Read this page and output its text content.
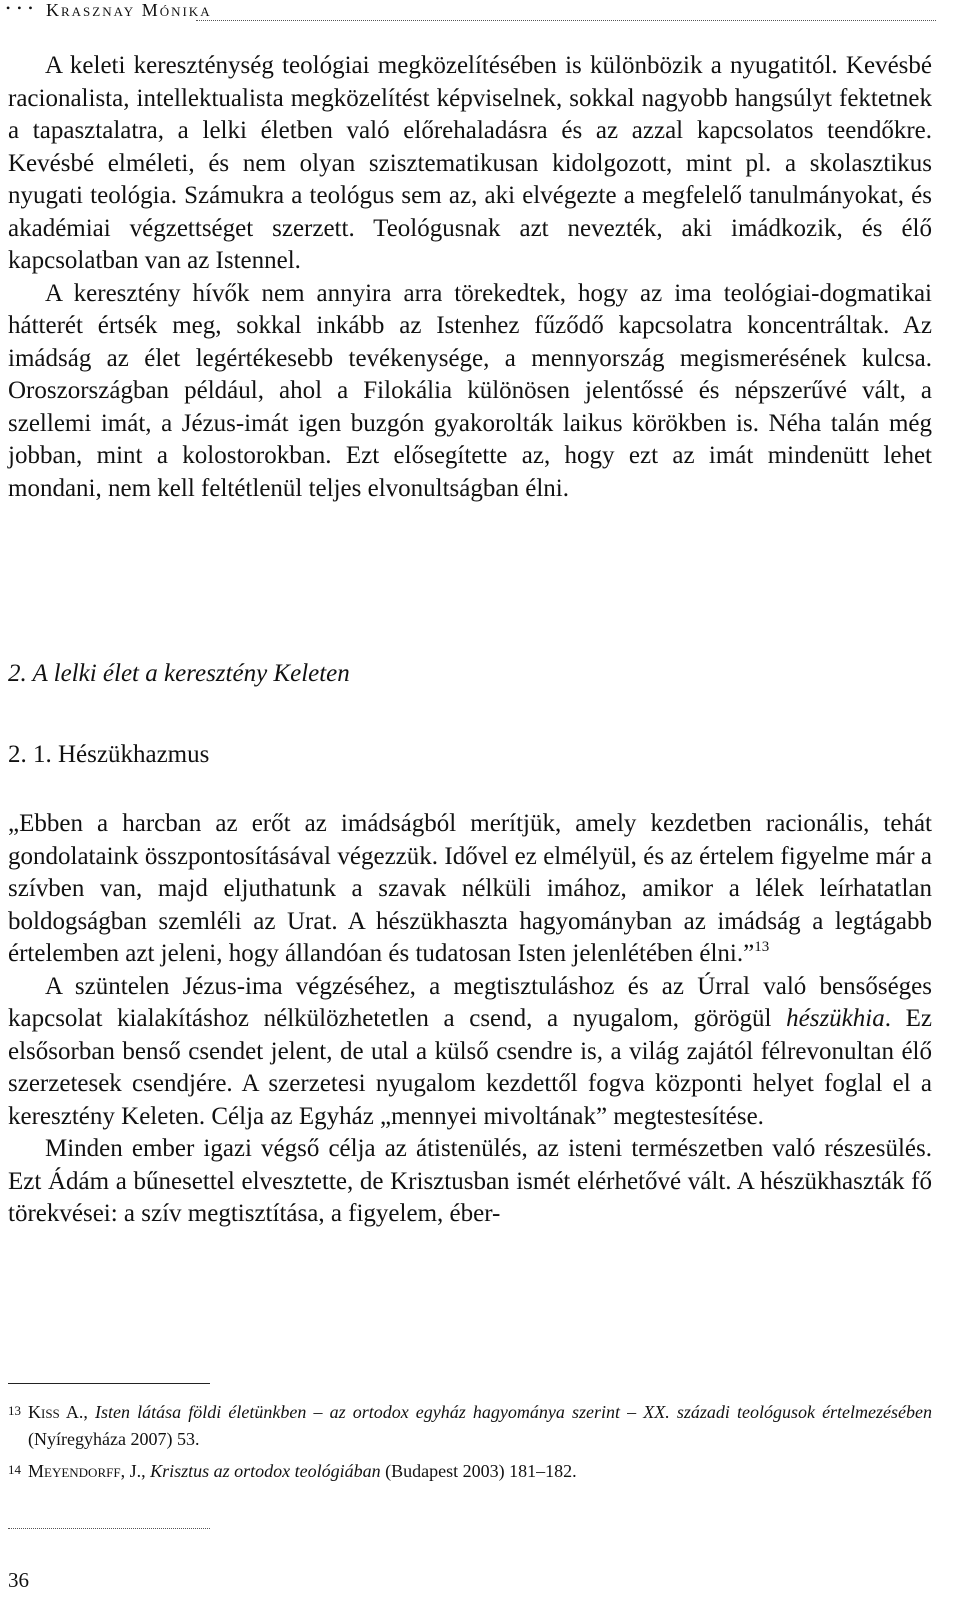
• • • Krasznay Mónika

A keleti kereszténység teológiai megközelítésében is különbözik a nyugatitól. Kevésbé racionalista, intellektualista megközelítést képviselnek, sokkal nagyobb hangsúlyt fektetnek a tapasztalatra, a lelki életben való előrehaladásra és az azzal kapcsolatos teendőkre. Kevésbé elméleti, és nem olyan szisztematikusan kidolgozott, mint pl. a skolasztikus nyugati teológia. Számukra a teológus sem az, aki elvégezte a megfelelő tanulmányokat, és akadémiai végzettséget szerzett. Teológusnak azt nevezték, aki imádkozik, és élő kapcsolatban van az Istennel.

A keresztény hívők nem annyira arra törekedtek, hogy az ima teológiai-dogmatikai hátterét értsék meg, sokkal inkább az Istenhez fűződő kapcsolatra koncentráltak. Az imádság az élet legértékesebb tevékenysége, a mennyország megismerésének kulcsa. Oroszországban például, ahol a Filokália különösen jelentőssé és népszerűvé vált, a szellemi imát, a Jézus-imát igen buzgón gyakorolták laikus körökben is. Néha talán még jobban, mint a kolostorokban. Ezt elősegítette az, hogy ezt az imát mindenütt lehet mondani, nem kell feltétlenül teljes elvonultságban élni.

2. A lelki élet a keresztény Keleten
2. 1. Hészükhazmus

„Ebben a harcban az erőt az imádságból merítjük, amely kezdetben racionális, tehát gondolataink összpontosításával végezzük. Idővel ez elmélyül, és az értelem figyelme már a szívben van, majd eljuthatunk a szavak nélküli imához, amikor a lélek leírhatatlan boldogságban szemléli az Urat. A hészükhaszta hagyományban az imádság a legtágabb értelemben azt jeleni, hogy állandóan és tudatosan Isten jelenlétében élni.”$^{13}$

A szüntelen Jézus-ima végzéséhez, a megtisztuláshoz és az Úrral való bensőséges kapcsolat kialakításhoz nélkülözhetetlen a csend, a nyugalom, görögül hészükhia. Ez elsősorban benső csendet jelent, de utal a külső csendre is, a világ zajától félrevonultan élő szerzetesek csendjére. A szerzetesi nyugalom kezdettől fogva központi helyet foglal el a keresztény Keleten. Célja az Egyház „mennyei mivoltának” megtestesítése.

Minden ember igazi végső célja az átistenülés, az isteni természetben való részesülés. Ezt Ádám a bűnesettel elvesztette, de Krisztusban ismét elérhetővé vált. A hészükhaszták fő törekvései: a szív megtisztítása, a figyelem, éber-

13 Kiss A., Isten látása földi életünkben – az ortodox egyház hagyománya szerint – XX. századi teológusok értelmezésében (Nyíregyháza 2007) 53.
14 Meyendorff, J., Krisztus az ortodox teológiában (Budapest 2003) 181–182.
36
